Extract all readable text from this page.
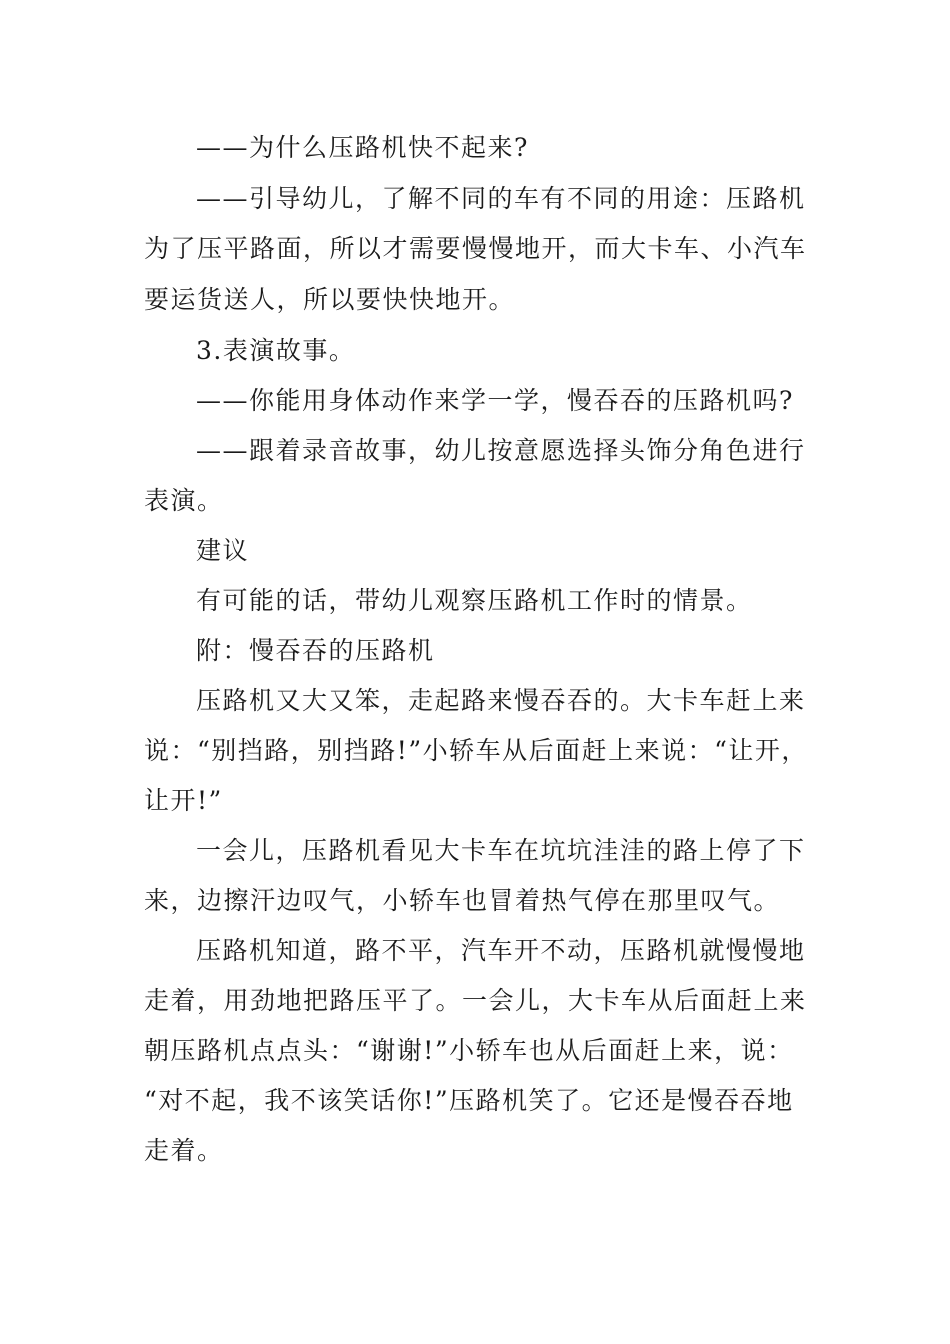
——为什么压路机快不起来?
——引导幼儿，了解不同的车有不同的用途：压路机
为了压平路面，所以才需要慢慢地开，而大卡车、小汽车
要运货送人，所以要快快地开。
3.表演故事。
——你能用身体动作来学一学，慢吞吞的压路机吗?
——跟着录音故事，幼儿按意愿选择头饰分角色进行
表演。
建议
有可能的话，带幼儿观察压路机工作时的情景。
附：慢吞吞的压路机
压路机又大又笨，走起路来慢吞吞的。大卡车赶上来
说：“别挡路，别挡路!”小轿车从后面赶上来说：“让开，
让开!”
一会儿，压路机看见大卡车在坑坑洼洼的路上停了下
来，边擦汗边叹气，小轿车也冒着热气停在那里叹气。
压路机知道，路不平，汽车开不动，压路机就慢慢地
走着，用劲地把路压平了。一会儿，大卡车从后面赶上来
朝压路机点点头：“谢谢!”小轿车也从后面赶上来，说：
“对不起，我不该笑话你!”压路机笑了。它还是慢吞吞地
走着。
